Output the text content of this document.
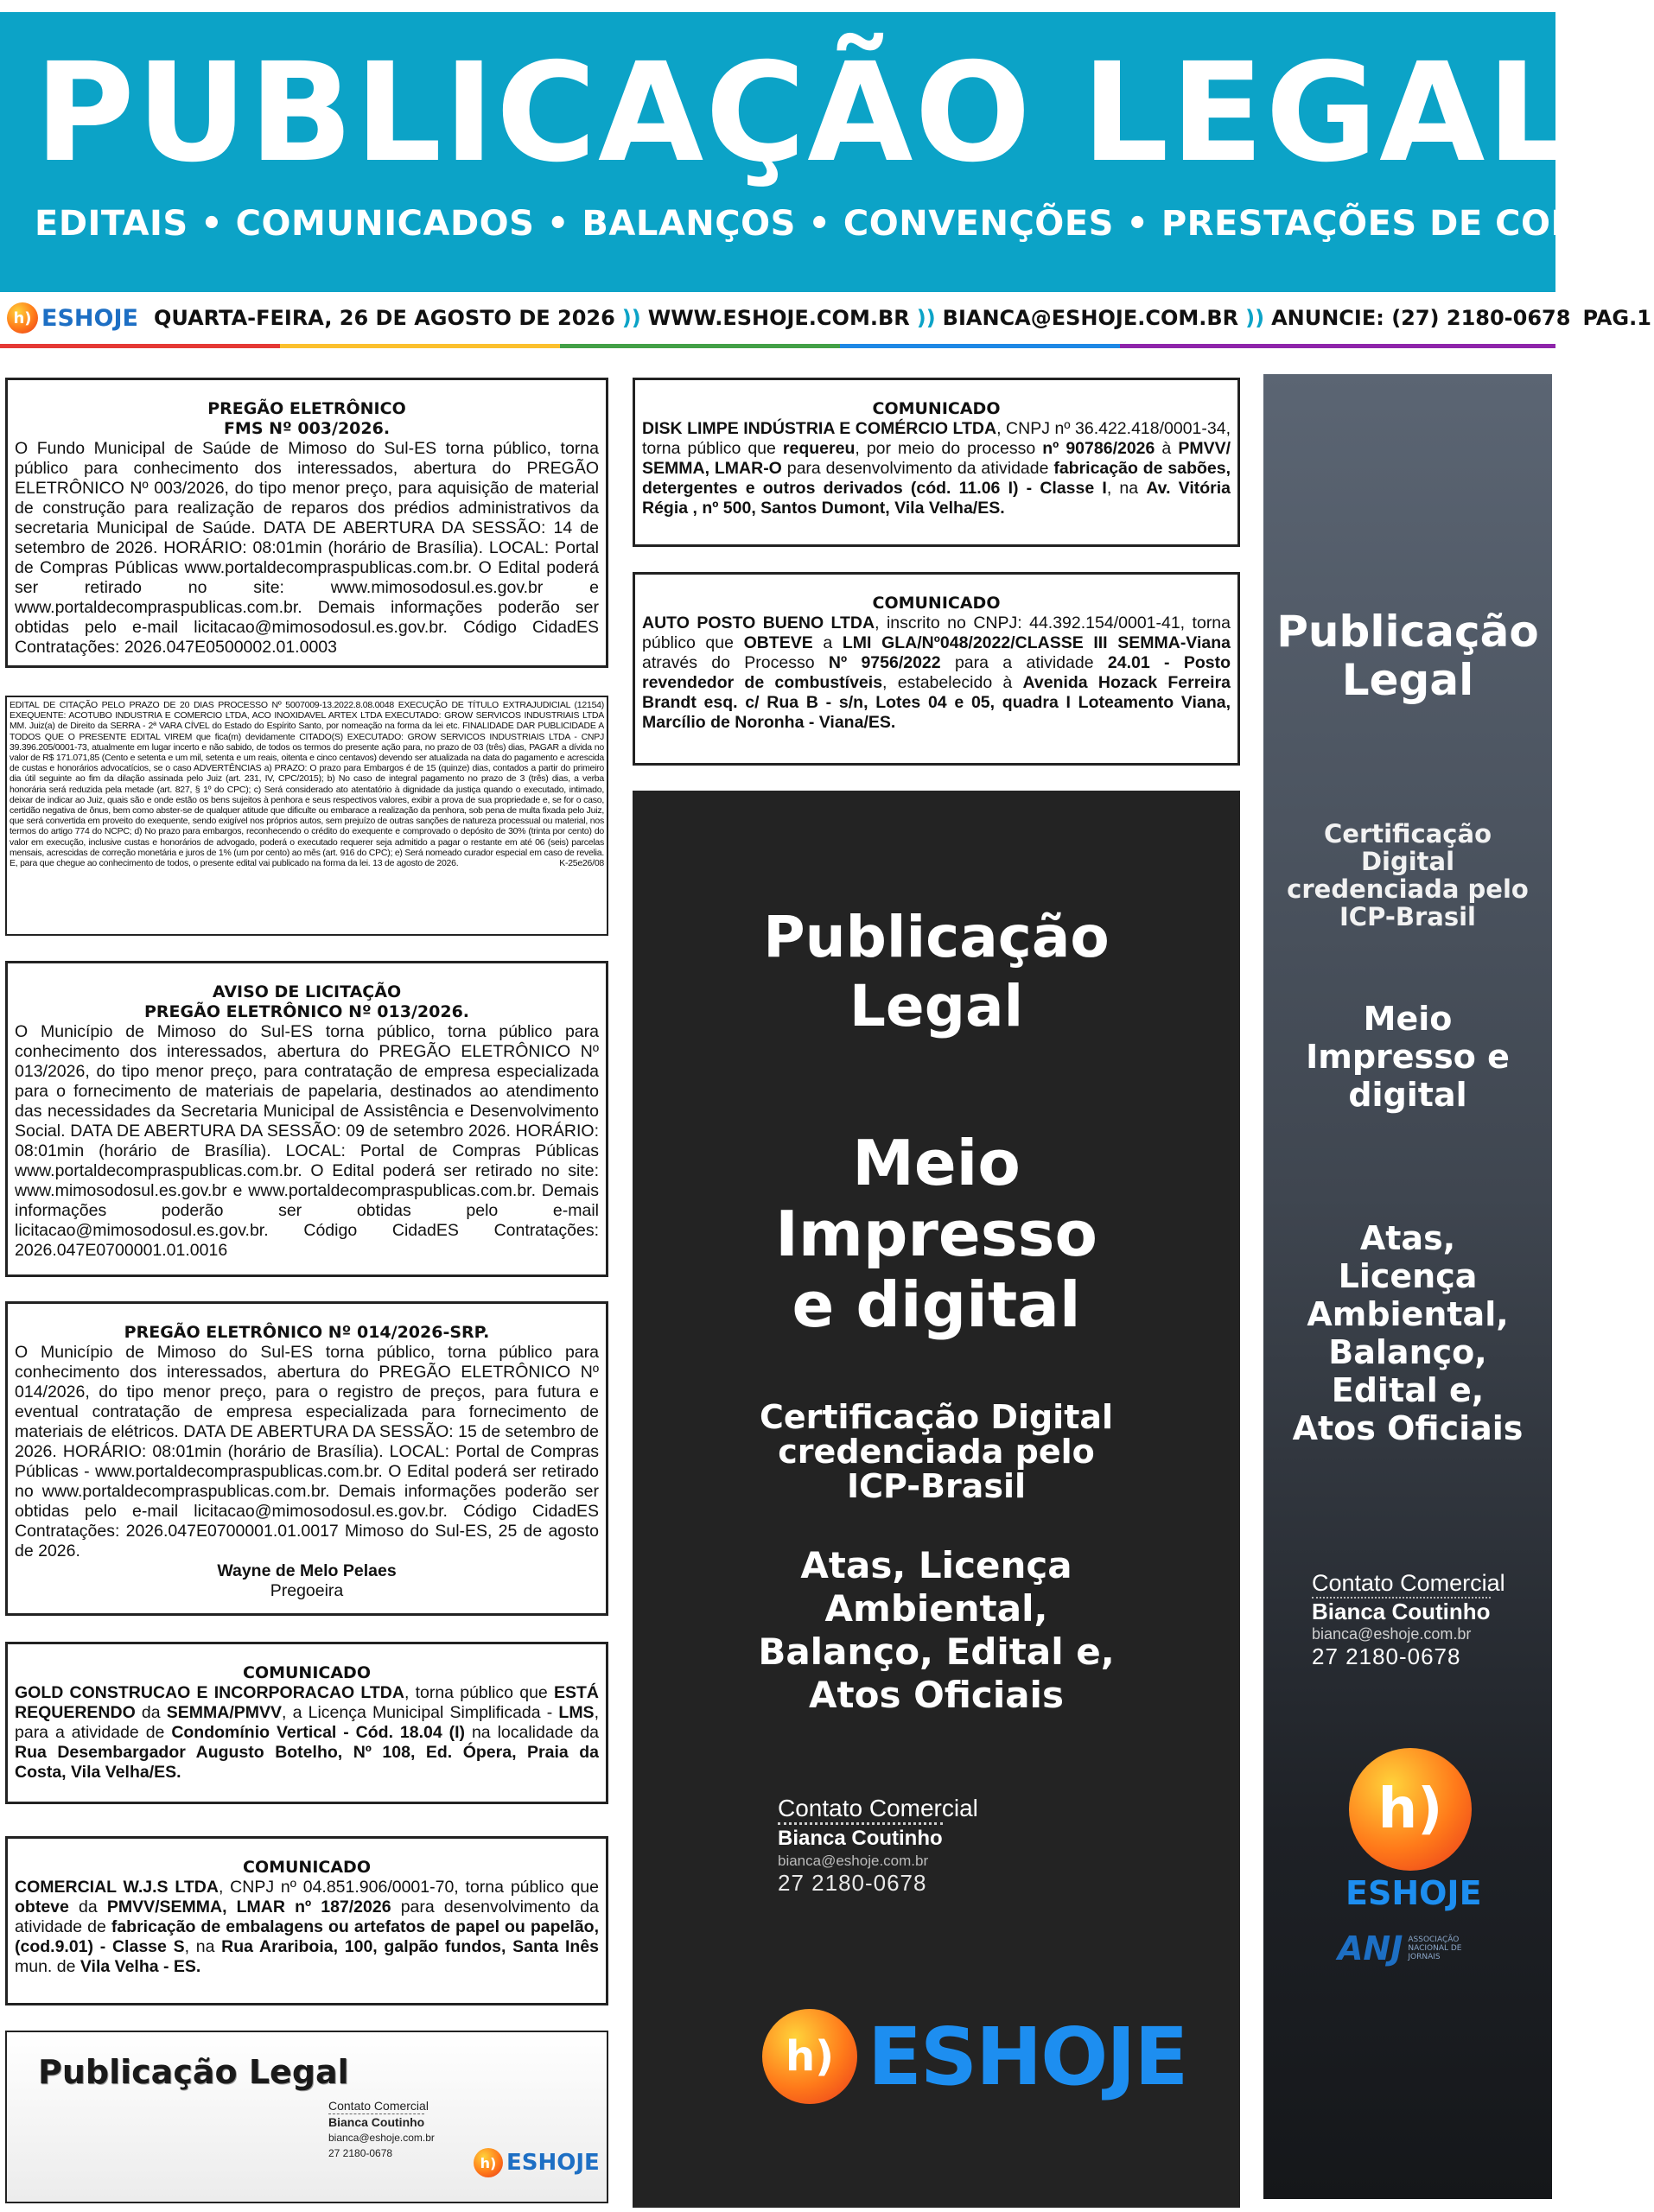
PUBLICAÇÃO LEGAL
EDITAIS • COMUNICADOS • BALANÇOS • CONVENÇÕES • PRESTAÇÕES DE CONTAS
h) ESHOJE QUARTA-FEIRA, 26 DE AGOSTO DE 2026 )) WWW.ESHOJE.COM.BR )) BIANCA@ESHOJE.COM.BR )) ANUNCIE: (27) 2180-0678 PAG.1
PREGÃO ELETRÔNICO
FMS Nº 003/2026.
O Fundo Municipal de Saúde de Mimoso do Sul-ES torna público, torna público para conhecimento dos interessados, abertura do PREGÃO ELETRÔNICO Nº 003/2026, do tipo menor preço, para aquisição de material de construção para realização de reparos dos prédios administrativos da secretaria Municipal de Saúde. DATA DE ABERTURA DA SESSÃO: 14 de setembro de 2026. HORÁRIO: 08:01min (horário de Brasília). LOCAL: Portal de Compras Públicas www.portaldecompraspublicas.com.br. O Edital poderá ser retirado no site: www.mimosodosul.es.gov.br e www.portaldecompraspublicas.com.br. Demais informações poderão ser obtidas pelo e-mail licitacao@mimosodosul.es.gov.br. Código CidadES Contratações: 2026.047E0500002.01.0003
EDITAL DE CITAÇÃO PELO PRAZO DE 20 DIAS PROCESSO Nº 5007009-13.2022.8.08.0048 EXECUÇÃO DE TÍTULO EXTRAJUDICIAL (12154) EXEQUENTE: ACOTUBO INDUSTRIA E COMERCIO LTDA, ACO INOXIDAVEL ARTEX LTDA EXECUTADO: GROW SERVICOS INDUSTRIAIS LTDA MM. Juiz(a) de Direito da SERRA - 2ª VARA CÍVEL do Estado do Espírito Santo, por nomeação na forma da lei etc. FINALIDADE DAR PUBLICIDADE A TODOS QUE O PRESENTE EDITAL VIREM que fica(m) devidamente CITADO(S) EXECUTADO: GROW SERVICOS INDUSTRIAIS LTDA - CNPJ 39.396.205/0001-73, atualmente em lugar incerto e não sabido, de todos os termos do presente ação para, no prazo de 03 (três) dias, PAGAR a dívida no valor de R$ 171.071,85 (Cento e setenta e um mil, setenta e um reais, oitenta e cinco centavos) devendo ser atualizada na data do pagamento e acrescida de custas e honorários advocatícios, se o caso ADVERTÊNCIAS a) PRAZO: O prazo para Embargos é de 15 (quinze) dias, contados a partir do primeiro dia útil seguinte ao fim da dilação assinada pelo Juiz (art. 231, IV, CPC/2015); b) No caso de integral pagamento no prazo de 3 (três) dias, a verba honorária será reduzida pela metade (art. 827, § 1º do CPC); c) Será considerado ato atentatório à dignidade da justiça quando o executado, intimado, deixar de indicar ao Juiz, quais são e onde estão os bens sujeitos à penhora e seus respectivos valores, exibir a prova de sua propriedade e, se for o caso, certidão negativa de ônus, bem como abster-se de qualquer atitude que dificulte ou embarace a realização da penhora, sob pena de multa fixada pelo Juiz, que será convertida em proveito do exequente, sendo exigível nos próprios autos, sem prejuízo de outras sanções de natureza processual ou material, nos termos do artigo 774 do NCPC; d) No prazo para embargos, reconhecendo o crédito do exequente e comprovado o depósito de 30% (trinta por cento) do valor em execução, inclusive custas e honorários de advogado, poderá o executado requerer seja admitido a pagar o restante em até 06 (seis) parcelas mensais, acrescidas de correção monetária e juros de 1% (um por cento) ao mês (art. 916 do CPC); e) Será nomeado curador especial em caso de revelia. E, para que chegue ao conhecimento de todos, o presente edital vai publicado na forma da lei. 13 de agosto de 2026.	K-25e26/08
AVISO DE LICITAÇÃO
PREGÃO ELETRÔNICO Nº 013/2026.
O Município de Mimoso do Sul-ES torna público, torna público para conhecimento dos interessados, abertura do PREGÃO ELETRÔNICO Nº 013/2026, do tipo menor preço, para contratação de empresa especializada para o fornecimento de materiais de papelaria, destinados ao atendimento das necessidades da Secretaria Municipal de Assistência e Desenvolvimento Social. DATA DE ABERTURA DA SESSÃO: 09 de setembro 2026. HORÁRIO: 08:01min (horário de Brasília). LOCAL: Portal de Compras Públicas www.portaldecompraspublicas.com.br. O Edital poderá ser retirado no site: www.mimosodosul.es.gov.br e www.portaldecompraspublicas.com.br. Demais informações poderão ser obtidas pelo e-mail licitacao@mimosodosul.es.gov.br. Código CidadES Contratações: 2026.047E0700001.01.0016
PREGÃO ELETRÔNICO Nº 014/2026-SRP.
O Município de Mimoso do Sul-ES torna público, torna público para conhecimento dos interessados, abertura do PREGÃO ELETRÔNICO Nº 014/2026, do tipo menor preço, para o registro de preços, para futura e eventual contratação de empresa especializada para fornecimento de materiais de elétricos. DATA DE ABERTURA DA SESSÃO: 15 de setembro de 2026. HORÁRIO: 08:01min (horário de Brasília). LOCAL: Portal de Compras Públicas - www.portaldecompraspublicas.com.br. O Edital poderá ser retirado no www.portaldecompraspublicas.com.br. Demais informações poderão ser obtidas pelo e-mail licitacao@mimosodosul.es.gov.br. Código CidadES Contratações: 2026.047E0700001.01.0017 Mimoso do Sul-ES, 25 de agosto de 2026.
Wayne de Melo Pelaes
Pregoeira
COMUNICADO
GOLD CONSTRUCAO E INCORPORACAO LTDA, torna público que ESTÁ REQUERENDO da SEMMA/PMVV, a Licença Municipal Simplificada - LMS, para a atividade de Condomínio Vertical - Cód. 18.04 (I) na localidade da Rua Desembargador Augusto Botelho, Nº 108, Ed. Ópera, Praia da Costa, Vila Velha/ES.
COMUNICADO
COMERCIAL W.J.S LTDA, CNPJ nº 04.851.906/0001-70, torna público que obteve da PMVV/SEMMA, LMAR nº 187/2026 para desenvolvimento da atividade de fabricação de embalagens ou artefatos de papel ou papelão, (cod.9.01) - Classe S, na Rua Arariboia, 100, galpão fundos, Santa Inês mun. de Vila Velha - ES.
Publicação Legal
Contato Comercial
Bianca Coutinho
bianca@eshoje.com.br
27 2180-0678
h) ESHOJE
COMUNICADO
DISK LIMPE INDÚSTRIA E COMÉRCIO LTDA, CNPJ nº 36.422.418/0001-34, torna público que requereu, por meio do processo nº 90786/2026 à PMVV/ SEMMA, LMAR-O para desenvolvimento da atividade fabricação de sabões, detergentes e outros derivados (cód. 11.06 I) - Classe I, na Av. Vitória Régia , nº 500, Santos Dumont, Vila Velha/ES.
COMUNICADO
AUTO POSTO BUENO LTDA, inscrito no CNPJ: 44.392.154/0001-41, torna público que OBTEVE a LMI GLA/Nº048/2022/CLASSE III SEMMA-Viana através do Processo Nº 9756/2022 para a atividade 24.01 - Posto revendedor de combustíveis, estabelecido à Avenida Hozack Ferreira Brandt esq. c/ Rua B - s/n, Lotes 04 e 05, quadra I Loteamento Viana, Marcílio de Noronha - Viana/ES.
Publicação
Legal
Meio
Impresso
e digital
Certificação Digital
credenciada pelo
ICP-Brasil
Atas, Licença
Ambiental,
Balanço, Edital e,
Atos Oficiais
Contato Comercial
Bianca Coutinho
bianca@eshoje.com.br
27 2180-0678
h) ESHOJE
Publicação
Legal
Certificação
Digital
credenciada pelo
ICP-Brasil
Meio
Impresso e
digital
Atas,
Licença
Ambiental,
Balanço,
Edital e,
Atos Oficiais
Contato Comercial
Bianca Coutinho
bianca@eshoje.com.br
27 2180-0678
h)
ESHOJE
ANJ ASSOCIAÇÃO NACIONAL DE JORNAIS
